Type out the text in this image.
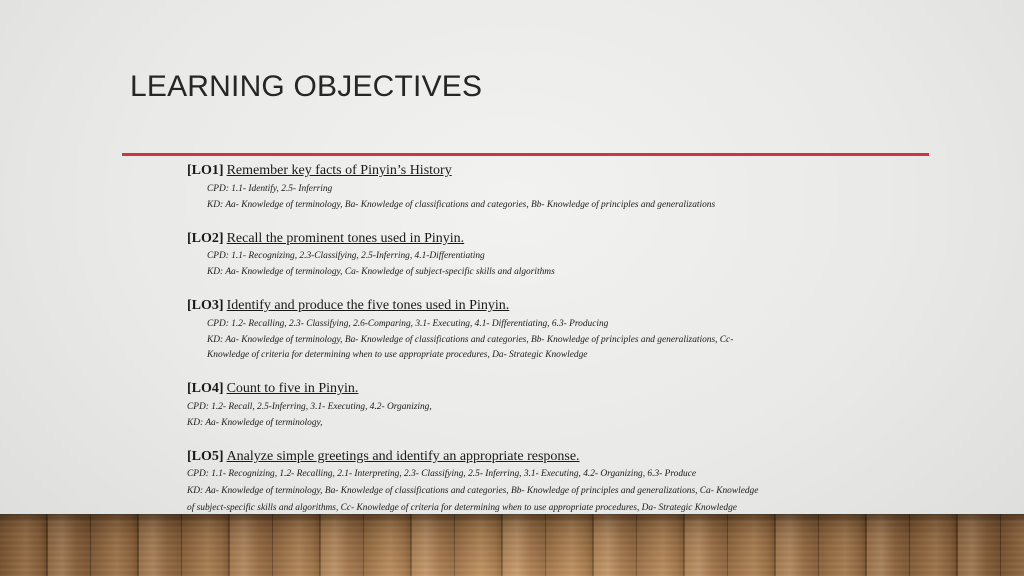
LEARNING OBJECTIVES
[LO1] Remember key facts of Pinyin’s History
CPD: 1.1- Identify, 2.5- Inferring
KD: Aa- Knowledge of terminology, Ba- Knowledge of classifications and categories, Bb- Knowledge of principles and generalizations
[LO2] Recall the prominent tones used in Pinyin.
CPD: 1.1- Recognizing, 2.3-Classifying, 2.5-Inferring, 4.1-Differentiating
KD: Aa- Knowledge of terminology, Ca- Knowledge of subject-specific skills and algorithms
[LO3] Identify and produce the five tones used in Pinyin.
CPD: 1.2- Recalling, 2.3- Classifying, 2.6-Comparing, 3.1- Executing, 4.1- Differentiating, 6.3- Producing
KD: Aa- Knowledge of terminology, Ba- Knowledge of classifications and categories, Bb- Knowledge of principles and generalizations, Cc-
Knowledge of criteria for determining when to use appropriate procedures, Da- Strategic Knowledge
[LO4] Count to five in Pinyin.
CPD: 1.2- Recall, 2.5-Inferring, 3.1- Executing, 4.2- Organizing,
KD: Aa- Knowledge of terminology,
[LO5] Analyze simple greetings and identify an appropriate response.
CPD: 1.1- Recognizing, 1.2- Recalling, 2.1- Interpreting, 2.3- Classifying, 2.5- Inferring, 3.1- Executing, 4.2- Organizing, 6.3- Produce
KD: Aa- Knowledge of terminology, Ba- Knowledge of classifications and categories, Bb- Knowledge of principles and generalizations, Ca- Knowledge
of subject-specific skills and algorithms, Cc- Knowledge of criteria for determining when to use appropriate procedures, Da- Strategic Knowledge
